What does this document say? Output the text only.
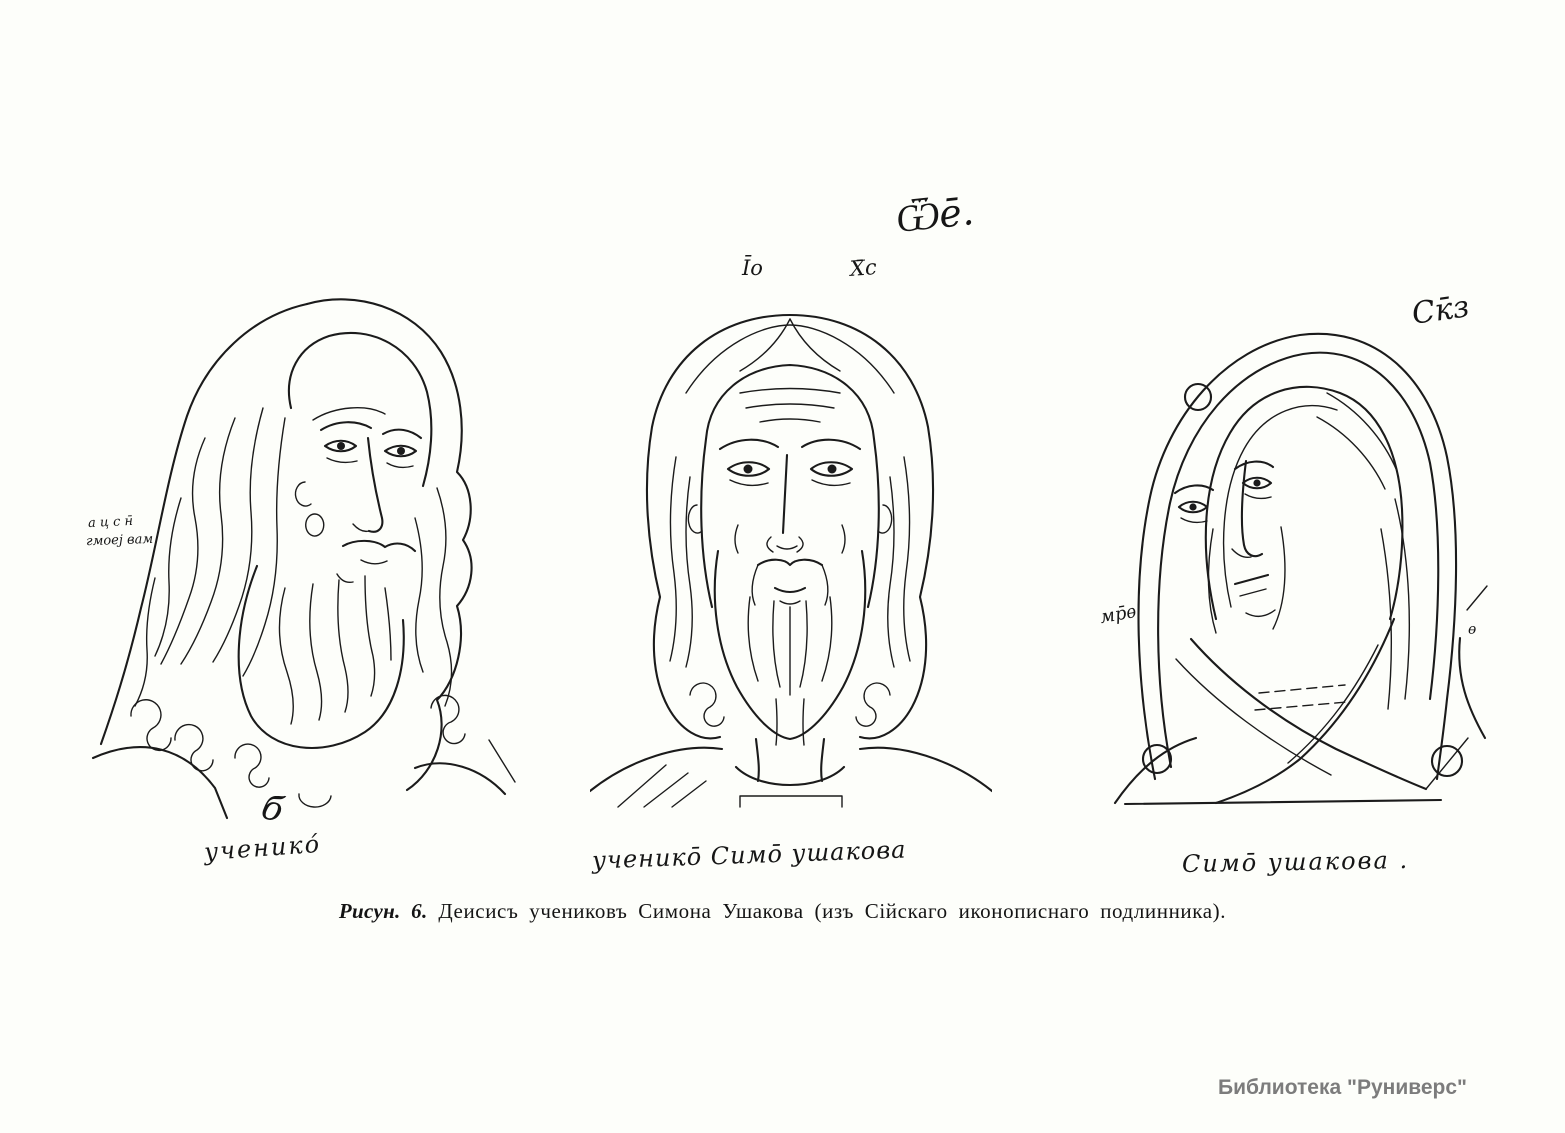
а ц с н̄
гмоеј вам
б
ученико́
Ѿе̄.
І̄о	Х̄с
ученикō Симō ушакова
Ск̄з
мр̄ѳ
ѳ
Симō ушакова .
Рисун. 6. Деисисъ учениковъ Симона Ушакова (изъ Сійскаго иконописнаго подлинника).
Библиотека "Руниверс"
